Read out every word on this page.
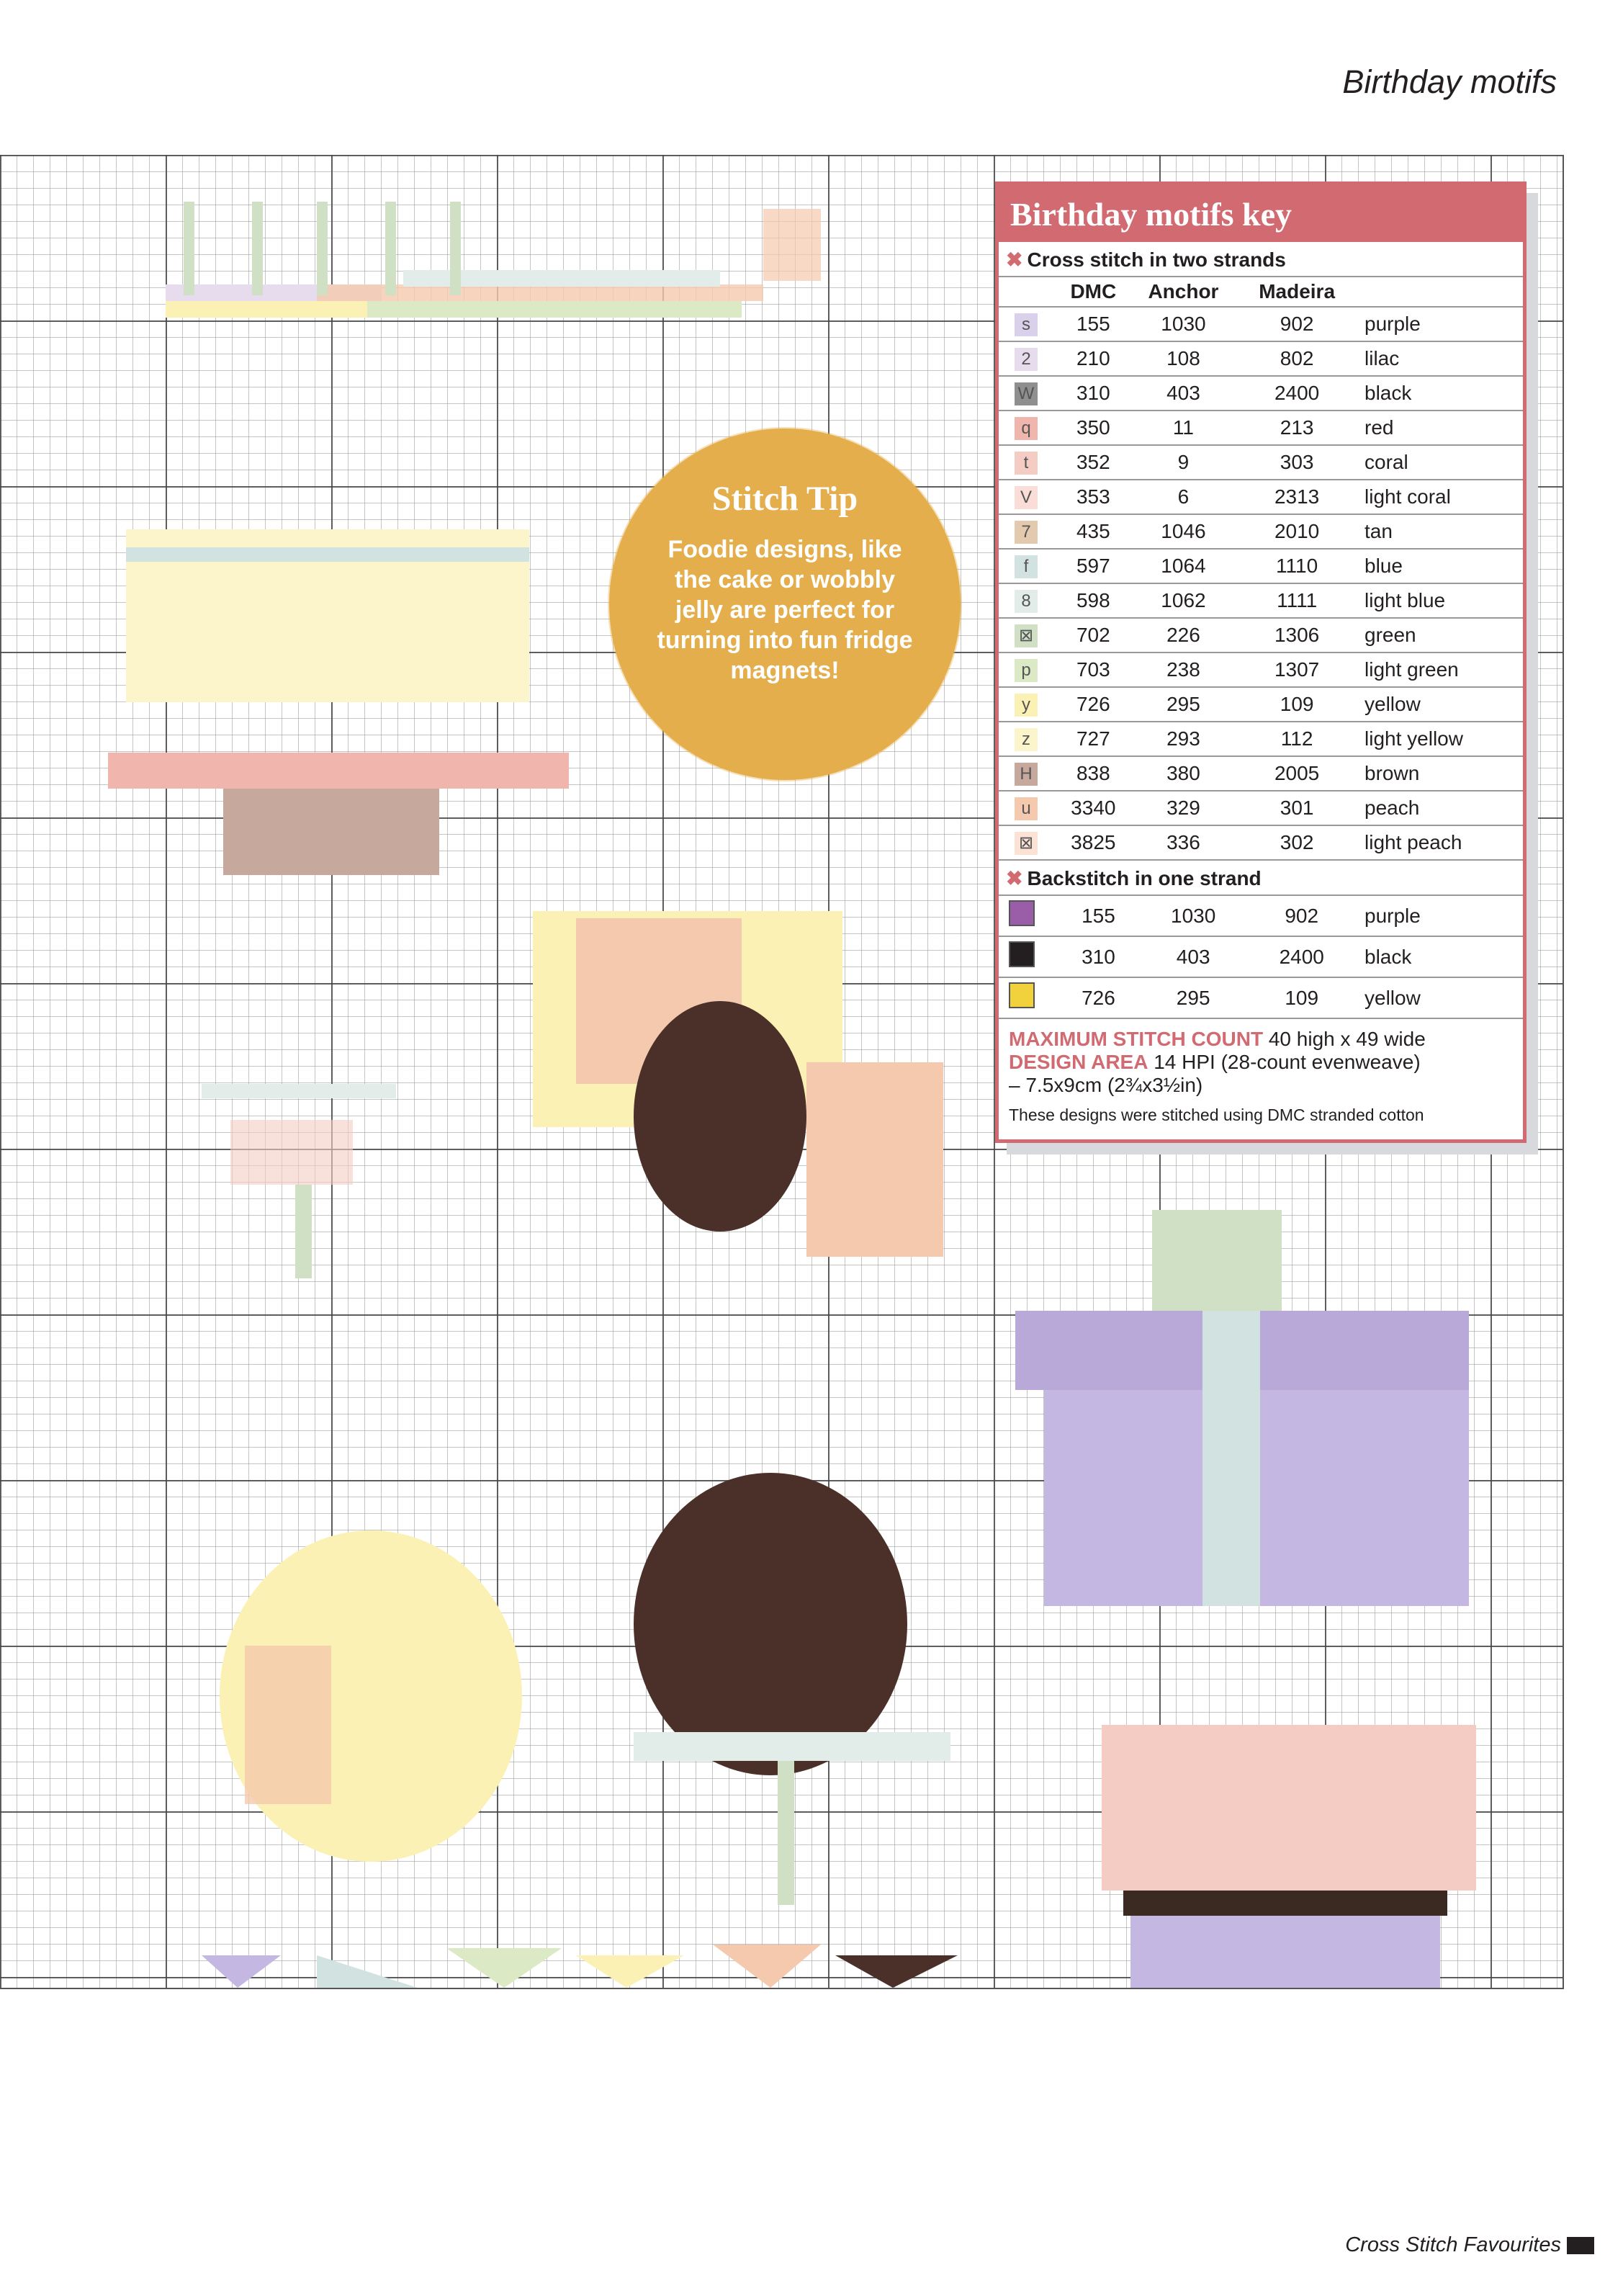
Birthday motifs
Stitch Tip
Foodie designs, like the cake or wobbly jelly are perfect for turning into fun fridge magnets!
Birthday motifs key
✖ Cross stitch in two strands
	DMC	Anchor	Madeira	
s	155	1030	902	purple
2	210	108	802	lilac
W	310	403	2400	black
q	350	11	213	red
t	352	9	303	coral
V	353	6	2313	light coral
7	435	1046	2010	tan
f	597	1064	1110	blue
8	598	1062	1111	light blue
⊠	702	226	1306	green
p	703	238	1307	light green
y	726	295	109	yellow
z	727	293	112	light yellow
H	838	380	2005	brown
u	3340	329	301	peach
⊠	3825	336	302	light peach
✖ Backstitch in one strand
	155	1030	902	purple
	310	403	2400	black
	726	295	109	yellow
MAXIMUM STITCH COUNT 40 high x 49 wide
DESIGN AREA 14 HPI (28-count evenweave)
– 7.5x9cm (2¾x3½in)
These designs were stitched using DMC stranded cotton
Cross Stitch Favourites
